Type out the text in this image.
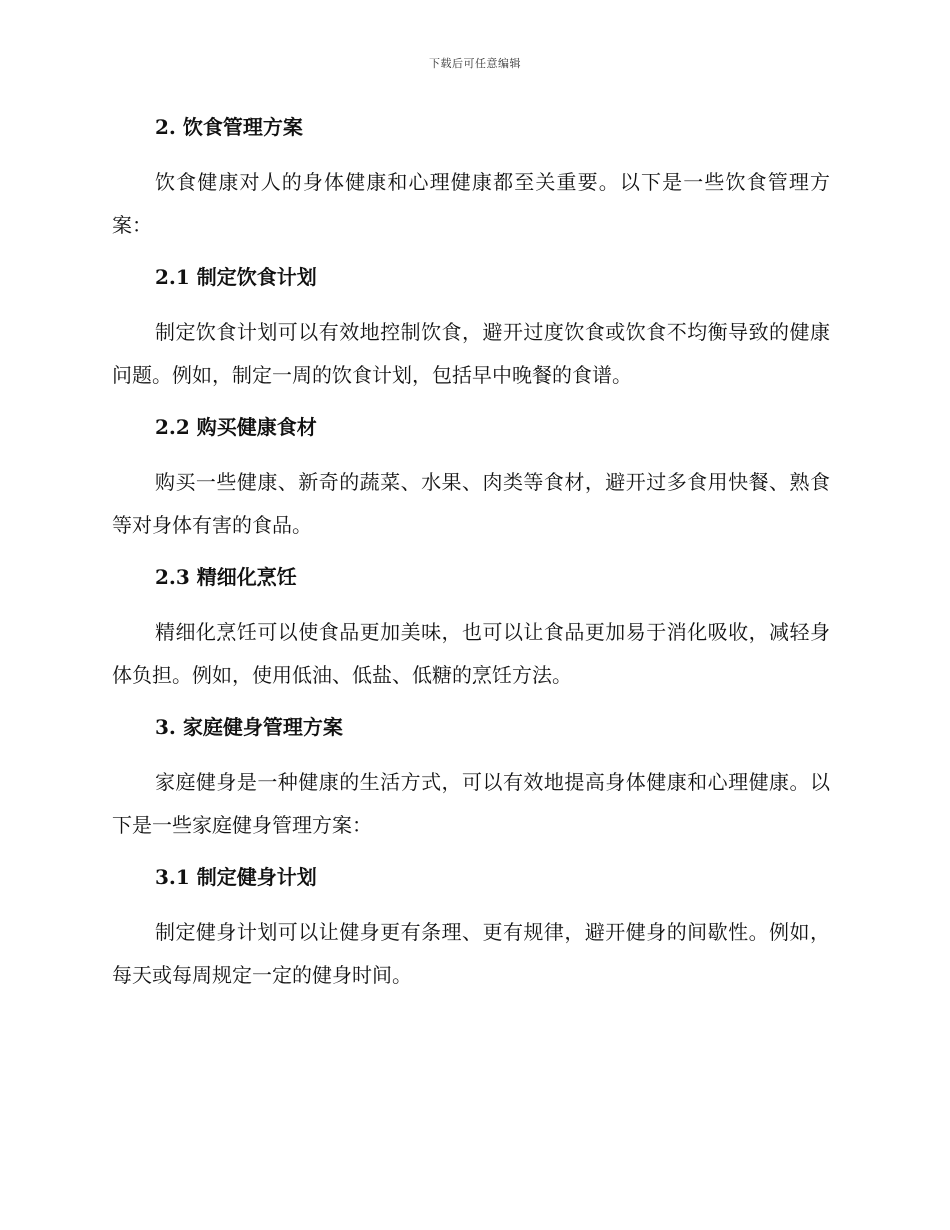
下载后可任意编辑
2. 饮食管理方案

饮食健康对人的身体健康和心理健康都至关重要。以下是一些饮食管理方案：

2.1 制定饮食计划

制定饮食计划可以有效地控制饮食，避开过度饮食或饮食不均衡导致的健康问题。例如，制定一周的饮食计划，包括早中晚餐的食谱。

2.2 购买健康食材

购买一些健康、新奇的蔬菜、水果、肉类等食材，避开过多食用快餐、熟食等对身体有害的食品。

2.3 精细化烹饪

精细化烹饪可以使食品更加美味，也可以让食品更加易于消化吸收，减轻身体负担。例如，使用低油、低盐、低糖的烹饪方法。

3. 家庭健身管理方案

家庭健身是一种健康的生活方式，可以有效地提高身体健康和心理健康。以下是一些家庭健身管理方案：

3.1 制定健身计划

制定健身计划可以让健身更有条理、更有规律，避开健身的间歇性。例如，每天或每周规定一定的健身时间。
